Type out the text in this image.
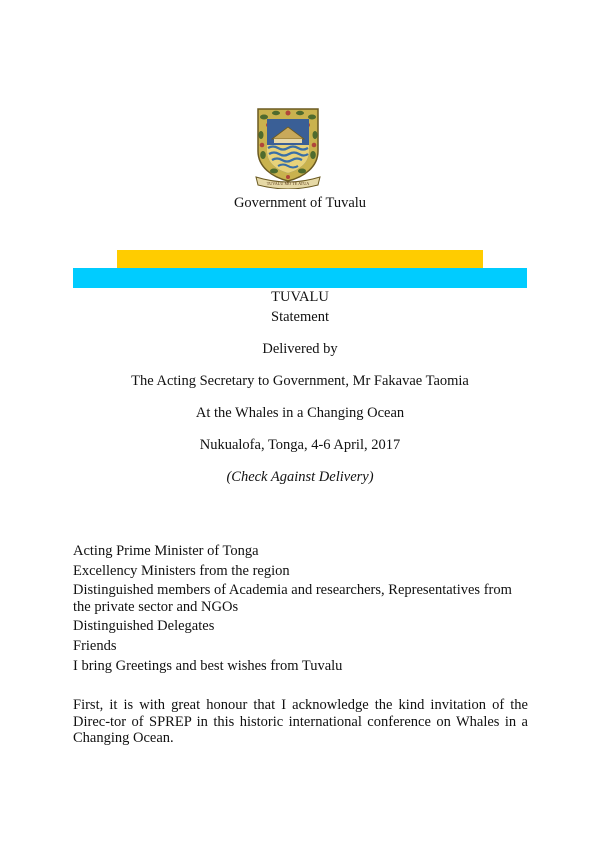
TUVALU MO TE ATUA
Government of Tuvalu
TUVALU
Statement
Delivered by
The Acting Secretary to Government, Mr Fakavae Taomia
At the Whales in a Changing Ocean
Nukualofa, Tonga, 4-6 April, 2017
(Check Against Delivery)
Acting Prime Minister of Tonga
Excellency Ministers from the region
Distinguished members of Academia and researchers, Representatives from the private sector and NGOs
Distinguished Delegates
Friends
I bring Greetings and best wishes from Tuvalu
First, it is with great honour that I acknowledge the kind invitation of the Direc-tor of SPREP in this historic international conference on Whales in a Changing Ocean.
